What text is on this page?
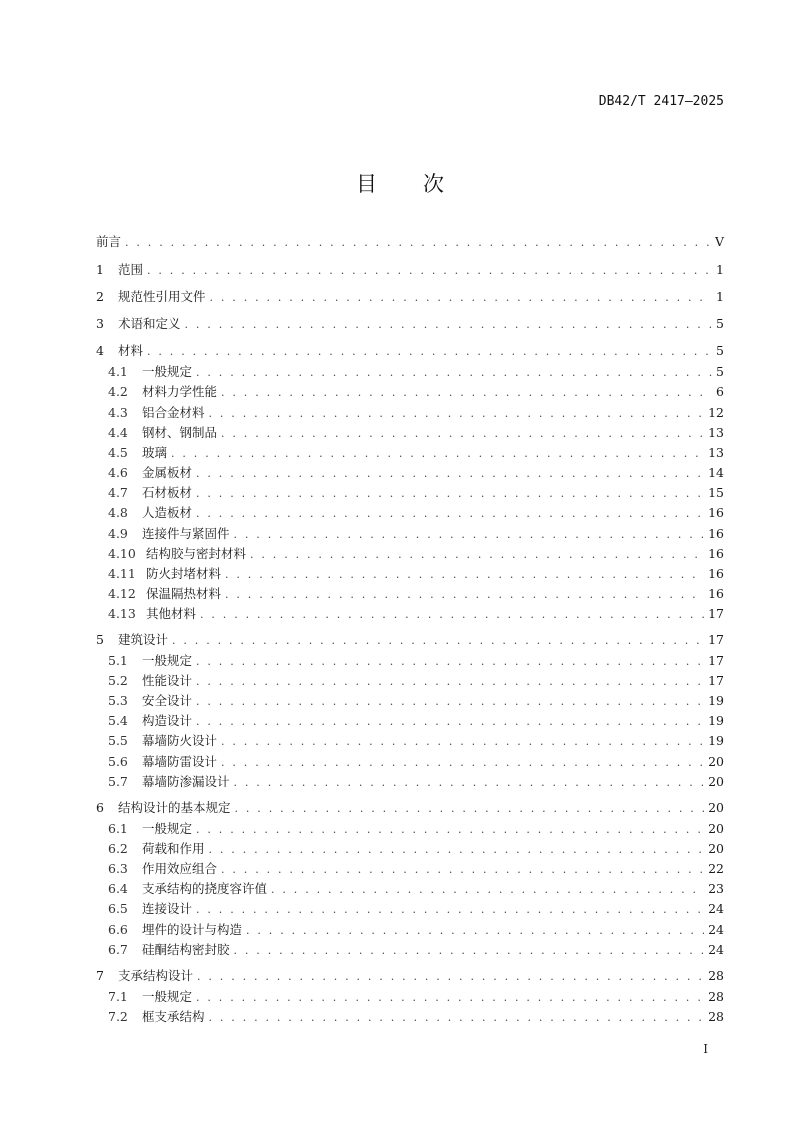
DB42/T 2417—2025
目 次
前言 . . .	V
1	范围 . . .	1
2	规范性引用文件 . . .	1
3	术语和定义 . . .	5
4	材料 . . .	5
4.1	一般规定 . . .	5
4.2	材料力学性能 . . .	6
4.3	铝合金材料 . . .	12
4.4	钢材、钢制品 . . .	13
4.5	玻璃 . . .	13
4.6	金属板材 . . .	14
4.7	石材板材 . . .	15
4.8	人造板材 . . .	16
4.9	连接件与紧固件 . . .	16
4.10 结构胶与密封材料 . . .	16
4.11 防火封堵材料 . . .	16
4.12 保温隔热材料 . . .	16
4.13 其他材料 . . .	17
5	建筑设计 . . .	17
5.1	一般规定 . . .	17
5.2	性能设计 . . .	17
5.3	安全设计 . . .	19
5.4	构造设计 . . .	19
5.5	幕墙防火设计 . . .	19
5.6	幕墙防雷设计 . . .	20
5.7	幕墙防渗漏设计 . . .	20
6	结构设计的基本规定 . . .	20
6.1	一般规定 . . .	20
6.2	荷载和作用 . . .	20
6.3	作用效应组合 . . .	22
6.4	支承结构的挠度容许值 . . .	23
6.5	连接设计 . . .	24
6.6	埋件的设计与构造 . . .	24
6.7	硅酮结构密封胶 . . .	24
7	支承结构设计 . . .	28
7.1	一般规定 . . .	28
7.2	框支承结构 . . .	28
I
